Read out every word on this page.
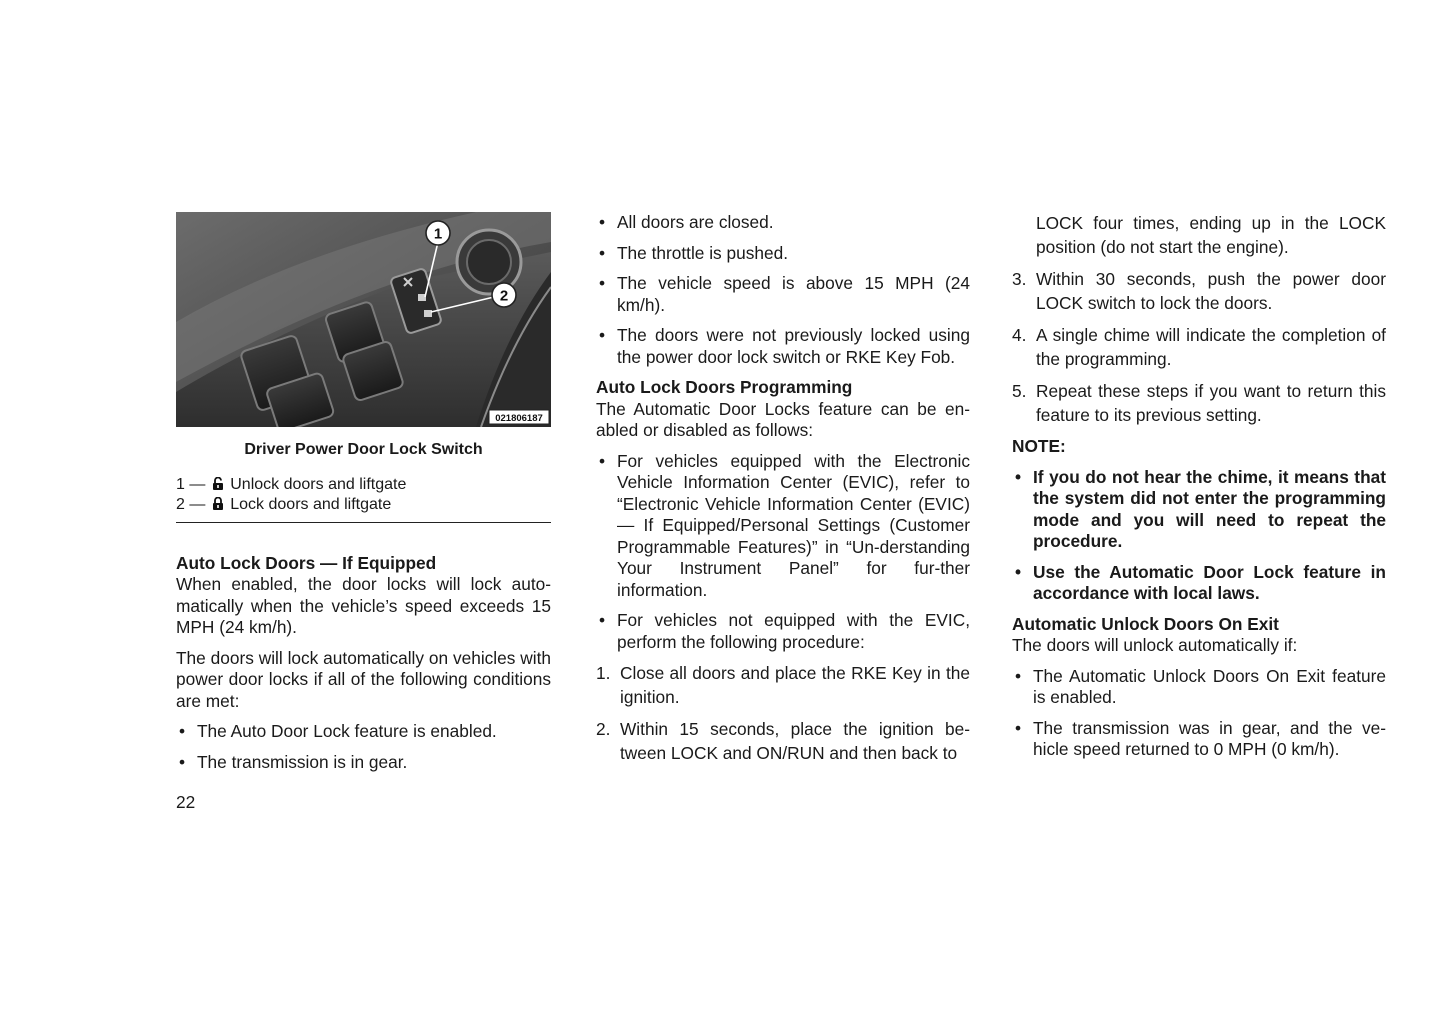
1
2
021806187
Driver Power Door Lock Switch
1 — Unlock doors and liftgate
2 — Lock doors and liftgate

Auto Lock Doors — If Equipped

When enabled, the door locks will lock auto-matically when the vehicle’s speed exceeds 15 MPH (24 km/h).

The doors will lock automatically on vehicles with power door locks if all of the following conditions are met:

• The Auto Door Lock feature is enabled.
• The transmission is in gear.
• All doors are closed.
• The throttle is pushed.
• The vehicle speed is above 15 MPH (24 km/h).
• The doors were not previously locked using the power door lock switch or RKE Key Fob.

Auto Lock Doors Programming

The Automatic Door Locks feature can be en-abled or disabled as follows:

• For vehicles equipped with the Electronic Vehicle Information Center (EVIC), refer to “Electronic Vehicle Information Center (EVIC) — If Equipped/Personal Settings (Customer Programmable Features)” in “Un-derstanding Your Instrument Panel” for fur-ther information.
• For vehicles not equipped with the EVIC, perform the following procedure:
1. Close all doors and place the RKE Key in the ignition.
2. Within 15 seconds, place the ignition be-tween LOCK and ON/RUN and then back to

LOCK four times, ending up in the LOCK position (do not start the engine).

3. Within 30 seconds, push the power door LOCK switch to lock the doors.
4. A single chime will indicate the completion of the programming.
5. Repeat these steps if you want to return this feature to its previous setting.

NOTE:

• If you do not hear the chime, it means that the system did not enter the programming mode and you will need to repeat the procedure.
• Use the Automatic Door Lock feature in accordance with local laws.

Automatic Unlock Doors On Exit

The doors will unlock automatically if:

• The Automatic Unlock Doors On Exit feature is enabled.
• The transmission was in gear, and the ve-hicle speed returned to 0 MPH (0 km/h).
22
